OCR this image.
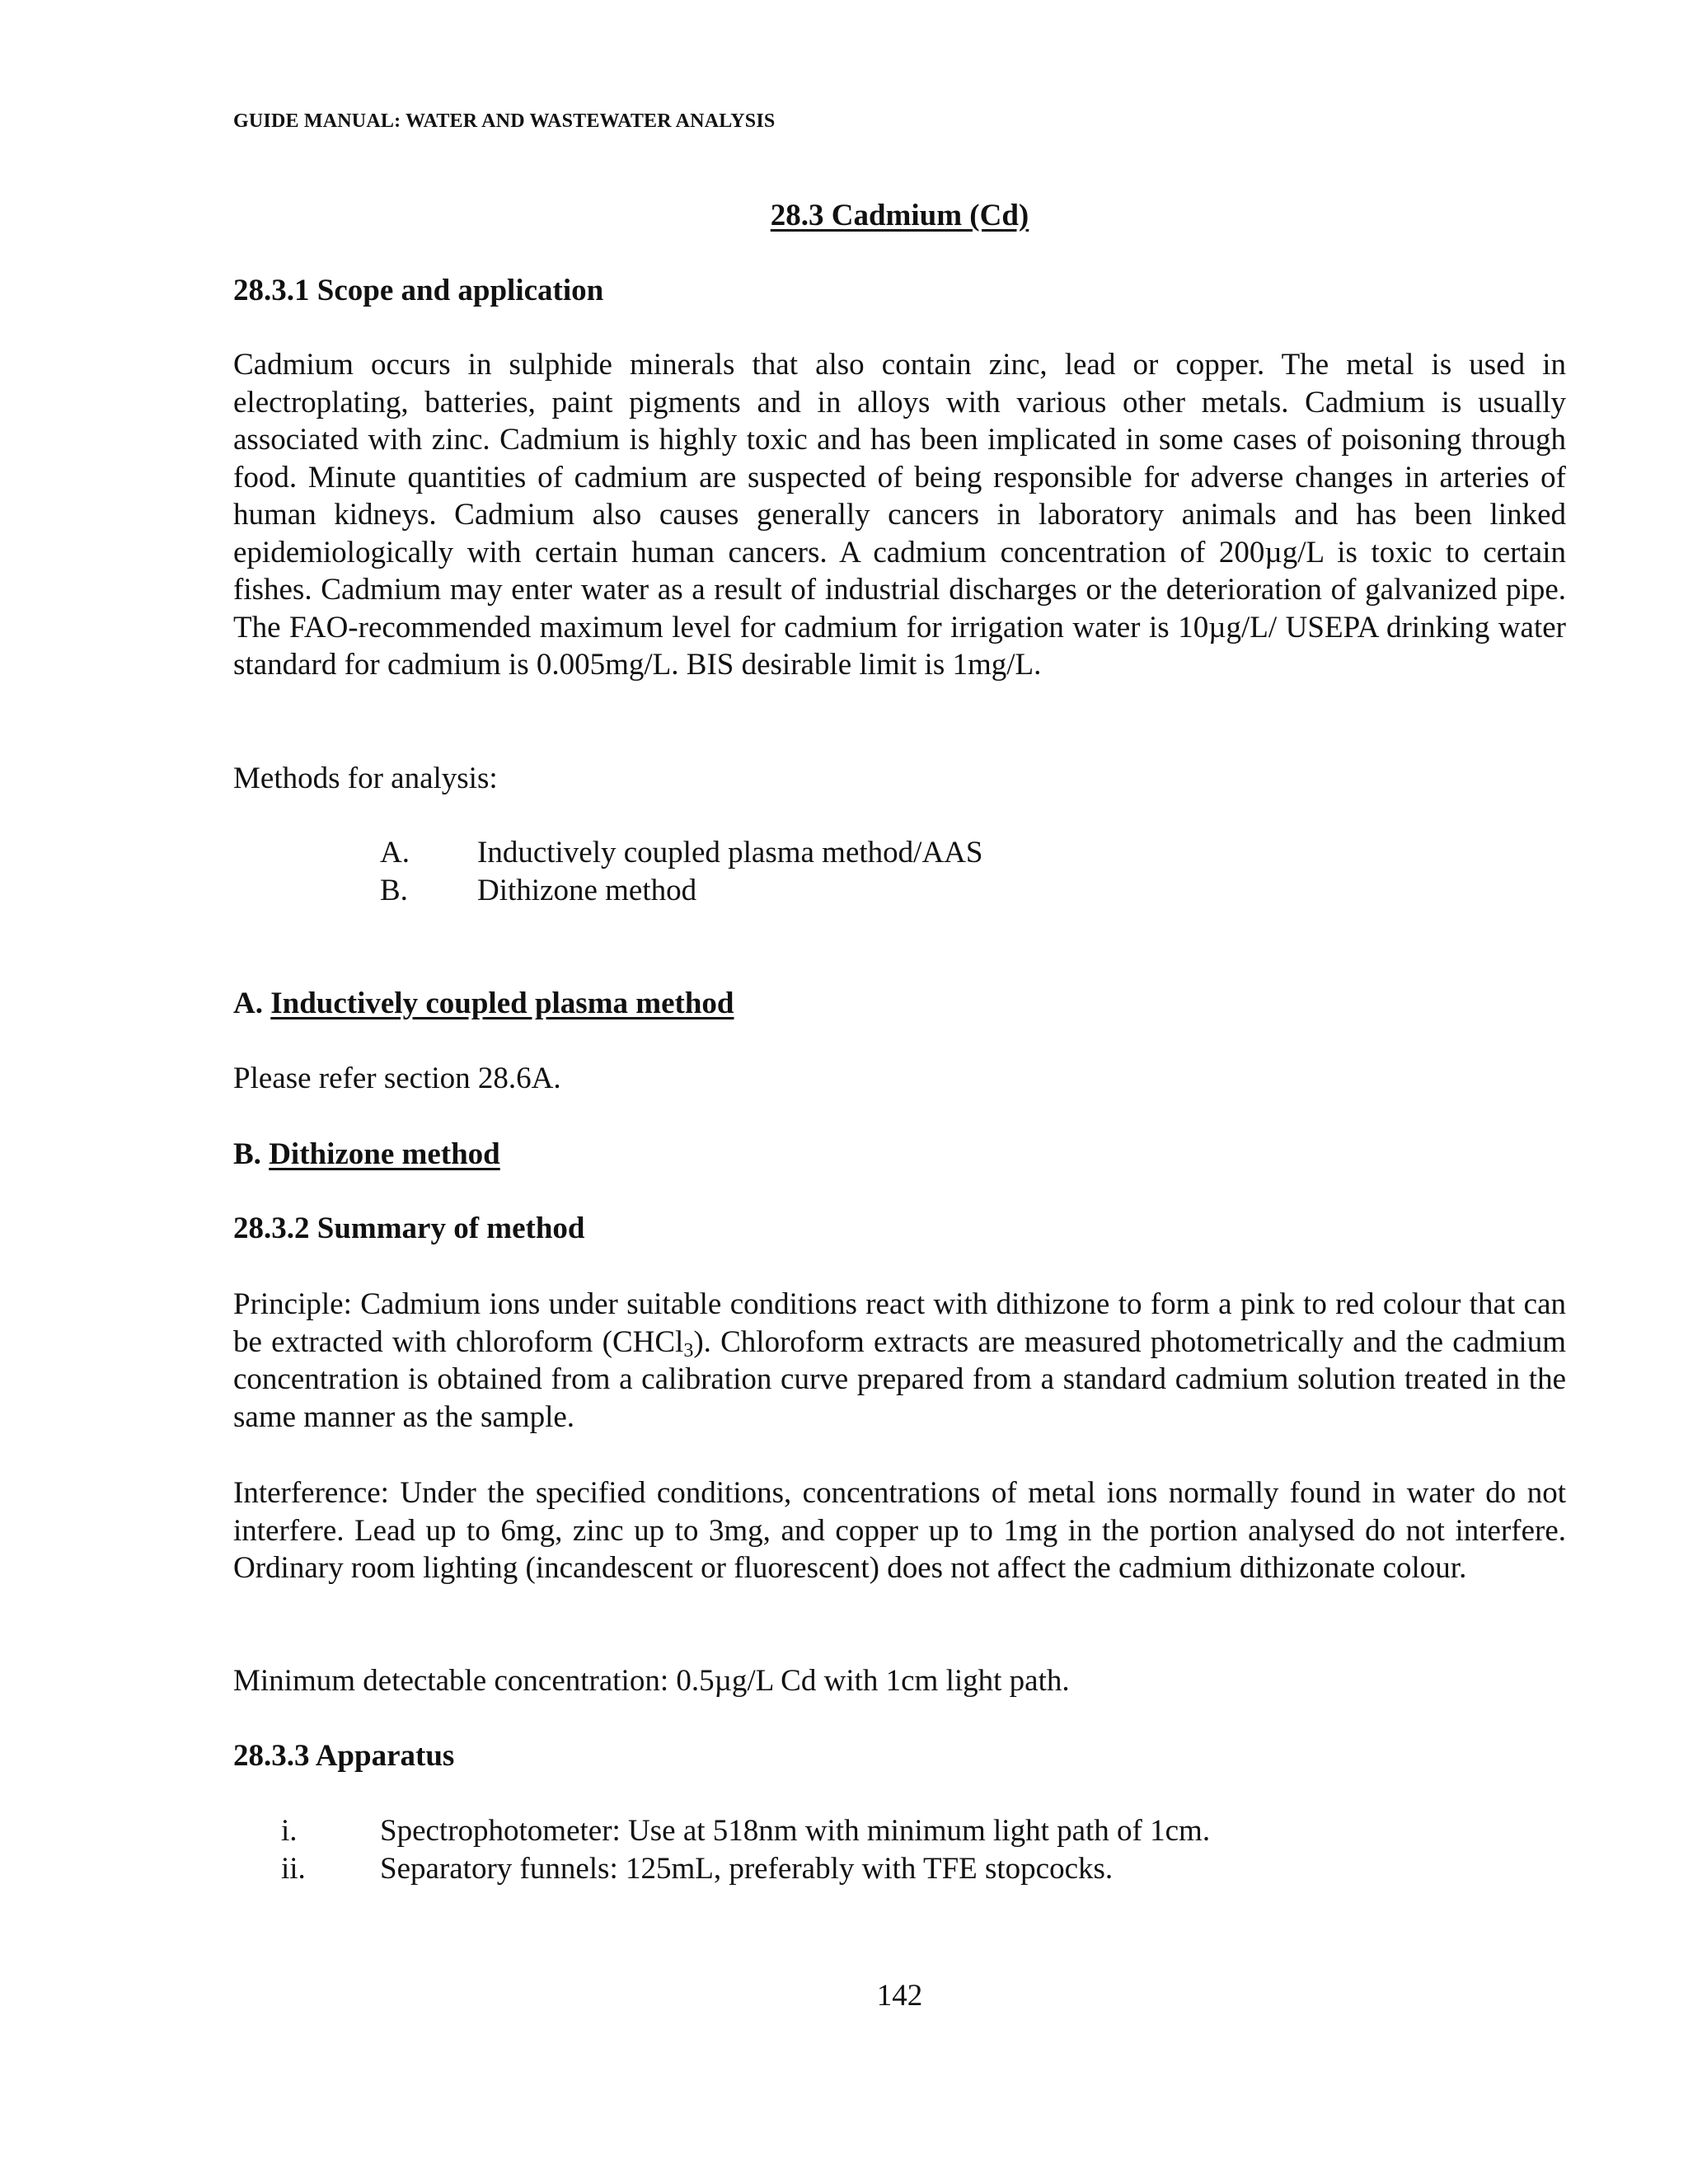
GUIDE MANUAL: WATER AND WASTEWATER ANALYSIS
28.3 Cadmium (Cd)
28.3.1 Scope and application
Cadmium occurs in sulphide minerals that also contain zinc, lead or copper. The metal is used in electroplating, batteries, paint pigments and in alloys with various other metals. Cadmium is usually associated with zinc. Cadmium is highly toxic and has been implicated in some cases of poisoning through food. Minute quantities of cadmium are suspected of being responsible for adverse changes in arteries of human kidneys. Cadmium also causes generally cancers in laboratory animals and has been linked epidemiologically with certain human cancers. A cadmium concentration of 200µg/L is toxic to certain fishes. Cadmium may enter water as a result of industrial discharges or the deterioration of galvanized pipe. The FAO-recommended maximum level for cadmium for irrigation water is 10µg/L/ USEPA drinking water standard for cadmium is 0.005mg/L. BIS desirable limit is 1mg/L.
Methods for analysis:
A. Inductively coupled plasma method/AAS
B. Dithizone method
A. Inductively coupled plasma method
Please refer section 28.6A.
B. Dithizone method
28.3.2 Summary of method
Principle: Cadmium ions under suitable conditions react with dithizone to form a pink to red colour that can be extracted with chloroform (CHCl$_3$). Chloroform extracts are measured photometrically and the cadmium concentration is obtained from a calibration curve prepared from a standard cadmium solution treated in the same manner as the sample.
Interference: Under the specified conditions, concentrations of metal ions normally found in water do not interfere. Lead up to 6mg, zinc up to 3mg, and copper up to 1mg in the portion analysed do not interfere. Ordinary room lighting (incandescent or fluorescent) does not affect the cadmium dithizonate colour.
Minimum detectable concentration: 0.5µg/L Cd with 1cm light path.
28.3.3 Apparatus
i.	Spectrophotometer: Use at 518nm with minimum light path of 1cm.
ii. Separatory funnels: 125mL, preferably with TFE stopcocks.
142
